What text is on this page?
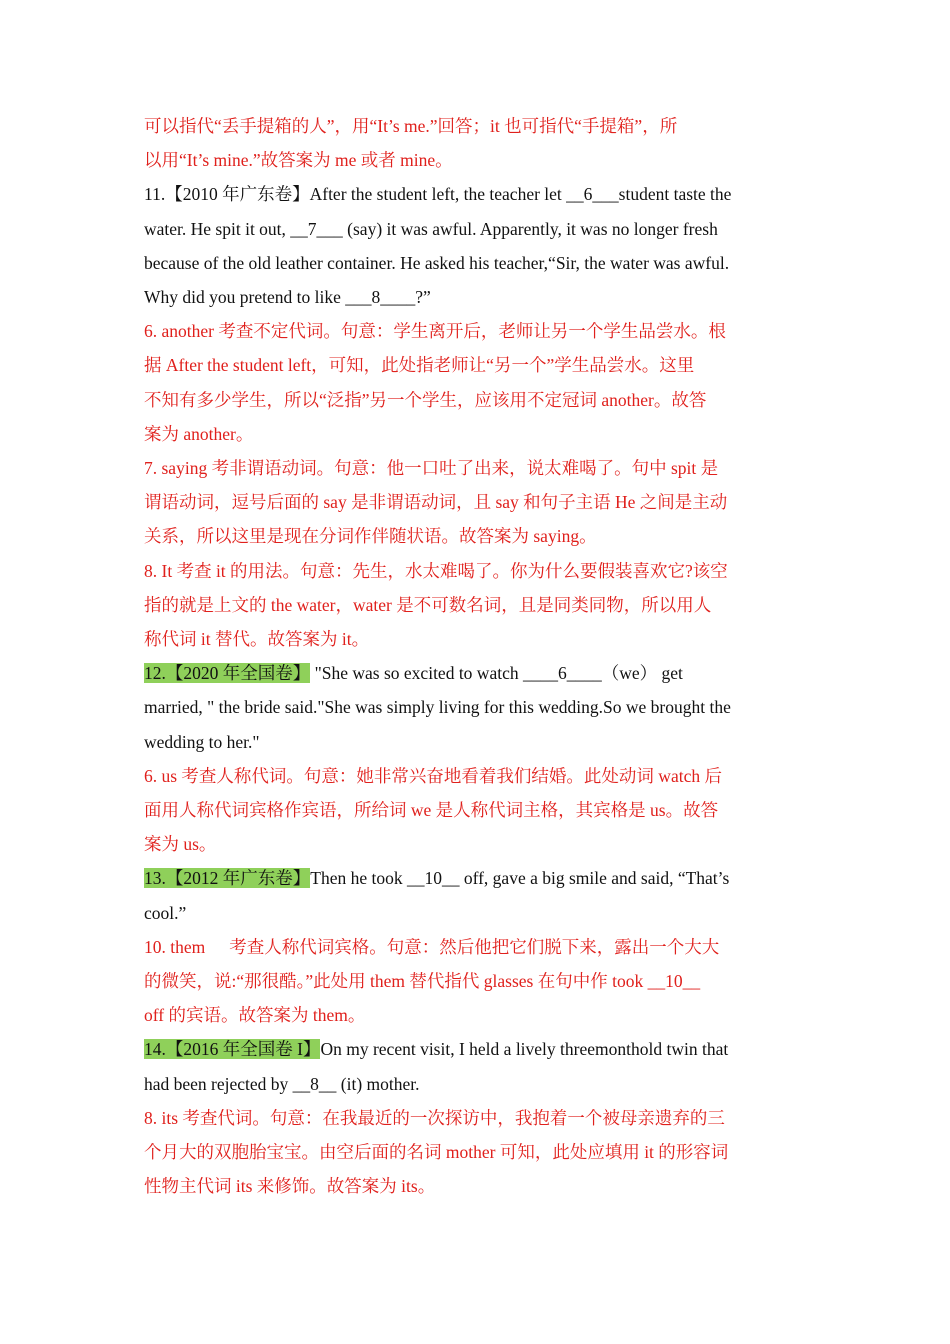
可以指代“丢手提箱的人”，用“It’s me.”回答；it 也可指代“手提箱”，所
以用“It’s mine.”故答案为 me 或者 mine。
11.【2010 年广东卷】After the student left, the teacher let __6___student taste the
water. He spit it out, __7___ (say) it was awful. Apparently, it was no longer fresh
because of the old leather container. He asked his teacher,“Sir, the water was awful.
Why did you pretend to like ___8____?”
6. another 考查不定代词。句意：学生离开后，老师让另一个学生品尝水。根
据 After the student left，可知，此处指老师让“另一个”学生品尝水。这里
不知有多少学生，所以“泛指”另一个学生，应该用不定冠词 another。故答
案为 another。
7. saying 考非谓语动词。句意：他一口吐了出来，说太难喝了。句中 spit 是
谓语动词，逗号后面的 say 是非谓语动词，且 say 和句子主语 He 之间是主动
关系，所以这里是现在分词作伴随状语。故答案为 saying。
8. It 考查 it 的用法。句意：先生，水太难喝了。你为什么要假装喜欢它?该空
指的就是上文的 the water，water 是不可数名词，且是同类同物，所以用人
称代词 it 替代。故答案为 it。
12.【2020 年全国卷】 "She was so excited to watch ____6____（we） get
married, " the bride said."She was simply living for this wedding.So we brought the
wedding to her."
6. us 考查人称代词。句意：她非常兴奋地看着我们结婚。此处动词 watch 后
面用人称代词宾格作宾语，所给词 we 是人称代词主格，其宾格是 us。故答
案为 us。
13.【2012 年广东卷】Then he took __10__ off, gave a big smile and said, “That’s
cool.”
10. them 考查人称代词宾格。句意：然后他把它们脱下来，露出一个大大
的微笑，说:“那很酷。”此处用 them 替代指代 glasses 在句中作 took __10__
off 的宾语。故答案为 them。
14.【2016 年全国卷 I】On my recent visit, I held a lively threemonthold twin that
had been rejected by __8__ (it) mother.
8. its 考查代词。句意：在我最近的一次探访中，我抱着一个被母亲遗弃的三
个月大的双胞胎宝宝。由空后面的名词 mother 可知，此处应填用 it 的形容词
性物主代词 its 来修饰。故答案为 its。
